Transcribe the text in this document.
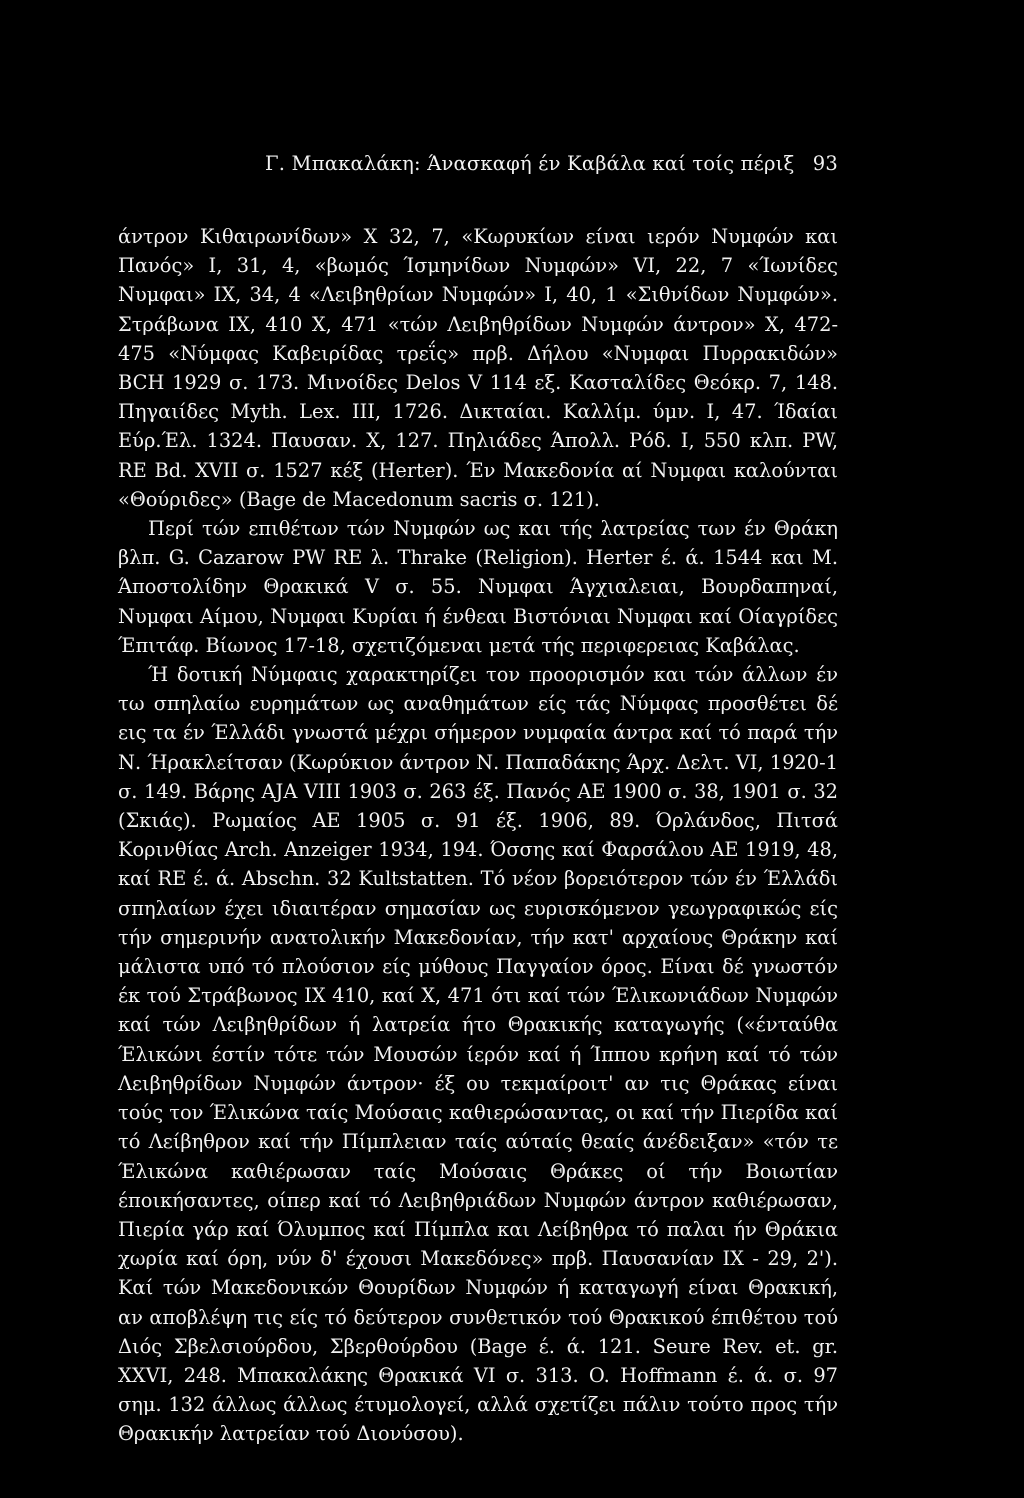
Γ. Μπακαλάκη: Άνασκαφή έν Καβάλα καί τοίς πέριξ 93

άντρον Κιθαιρωνίδων» X 32, 7, «Κωρυκίων είναι ιερόν Νυμφών και Πανός» I, 31, 4, «βωμός Ίσμηνίδων Νυμφών» VI, 22, 7 «Ίωνίδες Νυμφαι» IX, 34, 4 «Λειβηθρίων Νυμφών» I, 40, 1 «Σιθνίδων Νυμφών». Στράβωνα IX, 410 X, 471 «τών Λειβηθρίδων Νυμφών άντρον» X, 472-475 «Νύμφας Καβειρίδας τρεΐς» πρβ. Δήλου «Νυμφαι Πυρρακιδών» BCH 1929 σ. 173. Μινοίδες Delos V 114 εξ. Κασταλίδες Θεόκρ. 7, 148. Πηγαιίδες Myth. Lex. III, 1726. Δικταίαι. Καλλίμ. ύμν. I, 47. Ίδαίαι Εύρ.Έλ. 1324. Παυσαν. X, 127. Πηλιάδες Άπολλ. Ρόδ. I, 550 κλπ. PW, RE Bd. XVII σ. 1527 κέξ (Herter). Έν Μακεδονία αί Νυμφαι καλούνται «Θούριδες» (Bage de Macedonum sacris σ. 121).

Περί τών επιθέτων τών Νυμφών ως και τής λατρείας των έν Θράκη βλπ. G. Cazarow PW RE λ. Thrake (Religion). Herter έ. ά. 1544 και Μ. Άποστολίδην Θρακικά V σ. 55. Νυμφαι Άγχιαλειαι, Βουρδαπηναί, Νυμφαι Αίμου, Νυμφαι Κυρίαι ή ένθεαι Βιστόνιαι Νυμφαι καί Οίαγρίδες Έπιτάφ. Βίωνος 17-18, σχετιζόμεναι μετά τής περιφερειας Καβάλας.

Ή δοτική Νύμφαις χαρακτηρίζει τον προορισμόν και τών άλλων έν τω σπηλαίω ευρημάτων ως αναθημάτων είς τάς Νύμφας προσθέτει δέ εις τα έν Έλλάδι γνωστά μέχρι σήμερον νυμφαία άντρα καί τό παρά τήν Ν. Ήρακλείτσαν (Κωρύκιον άντρον Ν. Παπαδάκης Άρχ. Δελτ. VI, 1920-1 σ. 149. Βάρης AJA VIII 1903 σ. 263 έξ. Πανός AE 1900 σ. 38, 1901 σ. 32 (Σκιάς). Ρωμαίος AE 1905 σ. 91 έξ. 1906, 89. Όρλάνδος, Πιτσά Κορινθίας Arch. Anzeiger 1934, 194. Όσσης καί Φαρσάλου AE 1919, 48, καί RE έ. ά. Abschn. 32 Kultstatten. Τό νέον βορειότερον τών έν Έλλάδι σπηλαίων έχει ιδιαιτέραν σημασίαν ως ευρισκόμενον γεωγραφικώς είς τήν σημερινήν ανατολικήν Μακεδονίαν, τήν κατ' αρχαίους Θράκην καί μάλιστα υπό τό πλούσιον είς μύθους Παγγαίον όρος. Είναι δέ γνωστόν έκ τού Στράβωνος IX 410, καί X, 471 ότι καί τών Έλικωνιάδων Νυμφών καί τών Λειβηθρίδων ή λατρεία ήτο Θρακικής καταγωγής («ένταύθα Έλικώνι έστίν τότε τών Μουσών ίερόν καί ή Ίππου κρήνη καί τό τών Λειβηθρίδων Νυμφών άντρον· έξ ου τεκμαίροιτ' αν τις Θράκας είναι τούς τον Έλικώνα ταίς Μούσαις καθιερώσαντας, οι καί τήν Πιερίδα καί τό Λείβηθρον καί τήν Πίμπλειαν ταίς αύταίς θεαίς άνέδειξαν» «τόν τε Έλικώνα καθιέρωσαν ταίς Μούσαις Θράκες οί τήν Βοιωτίαν έποικήσαντες, οίπερ καί τό Λειβηθριάδων Νυμφών άντρον καθιέρωσαν, Πιερία γάρ καί Όλυμπος καί Πίμπλα και Λείβηθρα τό παλαι ήν Θράκια χωρία καί όρη, νύν δ' έχουσι Μακεδόνες» πρβ. Παυσανίαν IX - 29, 2'). Καί τών Μακεδονικών Θουρίδων Νυμφών ή καταγωγή είναι Θρακική, αν αποβλέψη τις είς τό δεύτερον συνθετικόν τού Θρακικού έπιθέτου τού Διός Σβελσιούρδου, Σβερθούρδου (Bage έ. ά. 121. Seure Rev. et. gr. XXVI, 248. Μπακαλάκης Θρακικά VI σ. 313. O. Hoffmann έ. ά. σ. 97 σημ. 132 άλλως άλλως έτυμολογεί, αλλά σχετίζει πάλιν τούτο προς τήν Θρακικήν λατρείαν τού Διονύσου).
